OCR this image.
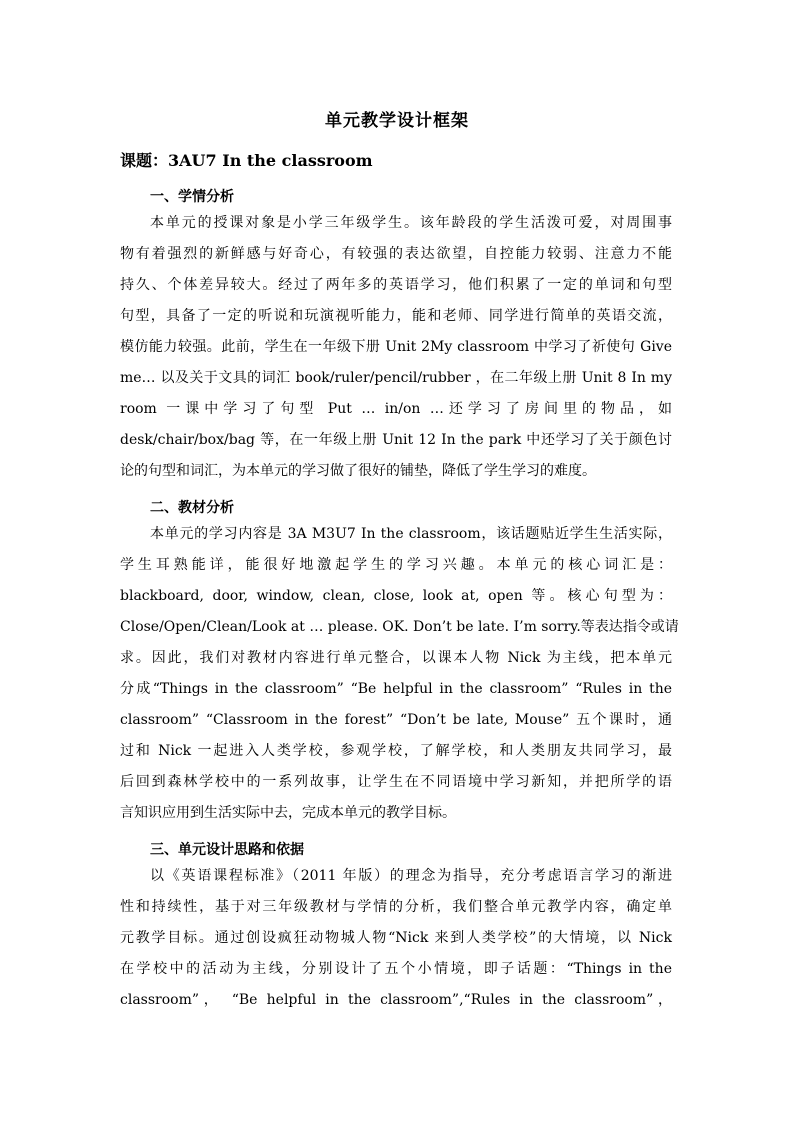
单元教学设计框架
课题：3AU7 In the classroom
一、学情分析
本单元的授课对象是小学三年级学生。该年龄段的学生活泼可爱，对周围事
物有着强烈的新鲜感与好奇心，有较强的表达欲望，自控能力较弱、注意力不能
持久、个体差异较大。经过了两年多的英语学习，他们积累了一定的单词和句型
句型，具备了一定的听说和玩演视听能力，能和老师、同学进行简单的英语交流，
模仿能力较强。此前，学生在一年级下册 Unit 2My classroom 中学习了祈使句 Give
me… 以及关于文具的词汇 book/ruler/pencil/rubber ，在二年级上册 Unit 8 In my
room 一课中学习了句型 Put … in/on …还学习了房间里的物品，如
desk/chair/box/bag 等，在一年级上册 Unit 12 In the park 中还学习了关于颜色讨
论的句型和词汇，为本单元的学习做了很好的铺垫，降低了学生学习的难度。
二、教材分析
本单元的学习内容是 3A M3U7 In the classroom，该话题贴近学生生活实际，
学生耳熟能详，能很好地激起学生的学习兴趣。本单元的核心词汇是：
blackboard, door, window, clean, close, look at, open 等。核心句型为：
Close/Open/Clean/Look at … please. OK. Don’t be late. I’m sorry.等表达指令或请
求。因此，我们对教材内容进行单元整合，以课本人物 Nick 为主线，把本单元
分成“Things in the classroom” “Be helpful in the classroom” “Rules in the
classroom” “Classroom in the forest” “Don’t be late, Mouse” 五个课时，通
过和 Nick 一起进入人类学校，参观学校，了解学校，和人类朋友共同学习，最
后回到森林学校中的一系列故事，让学生在不同语境中学习新知，并把所学的语
言知识应用到生活实际中去，完成本单元的教学目标。
三、单元设计思路和依据
以《英语课程标准》（2011 年版）的理念为指导，充分考虑语言学习的渐进
性和持续性，基于对三年级教材与学情的分析，我们整合单元教学内容，确定单
元教学目标。通过创设疯狂动物城人物“Nick 来到人类学校”的大情境，以 Nick
在学校中的活动为主线，分别设计了五个小情境，即子话题：“Things in the
classroom”， “Be helpful in the classroom”,“Rules in the classroom”，
